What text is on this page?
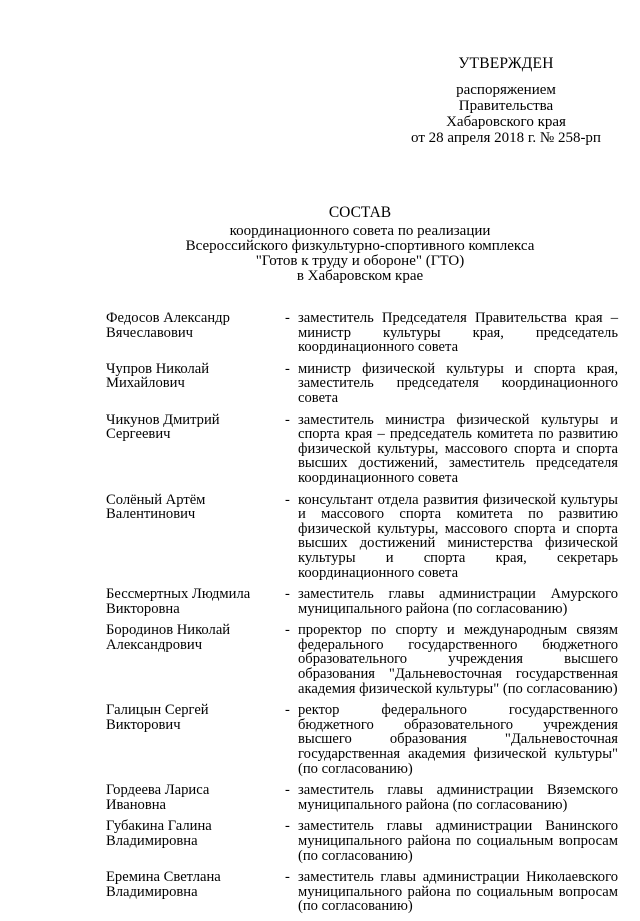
УТВЕРЖДЕН
распоряжением
Правительства
Хабаровского края
от 28 апреля 2018 г. № 258-рп
СОСТАВ
координационного совета по реализации
Всероссийского физкультурно-спортивного комплекса
"Готов к труду и обороне" (ГТО)
в Хабаровском крае
Федосов Александр
Вячеславович
- заместитель Председателя Правительства края – министр культуры края, председатель координационного совета
Чупров Николай
Михайлович
- министр физической культуры и спорта края, заместитель председателя координационного совета
Чикунов Дмитрий
Сергеевич
- заместитель министра физической культуры и спорта края – председатель комитета по развитию физической культуры, массового спорта и спорта высших достижений, заместитель председателя координационного совета
Солёный Артём
Валентинович
- консультант отдела развития физической культуры и массового спорта комитета по развитию физической культуры, массового спорта и спорта высших достижений министерства физической культуры и спорта края, секретарь координационного совета
Бессмертных Людмила
Викторовна
- заместитель главы администрации Амурского муниципального района (по согласованию)
Бородинов Николай
Александрович
- проректор по спорту и международным связям федерального государственного бюджетного образовательного учреждения высшего образования "Дальневосточная государственная академия физической культуры" (по согласованию)
Галицын Сергей
Викторович
- ректор федерального государственного бюджетного образовательного учреждения высшего образования "Дальневосточная государственная академия физической культуры" (по согласованию)
Гордеева Лариса
Ивановна
- заместитель главы администрации Вяземского муниципального района (по согласованию)
Губакина Галина
Владимировна
- заместитель главы администрации Ванинского муниципального района по социальным вопросам (по согласованию)
Еремина Светлана
Владимировна
- заместитель главы администрации Николаевского муниципального района по социальным вопросам (по согласованию)
